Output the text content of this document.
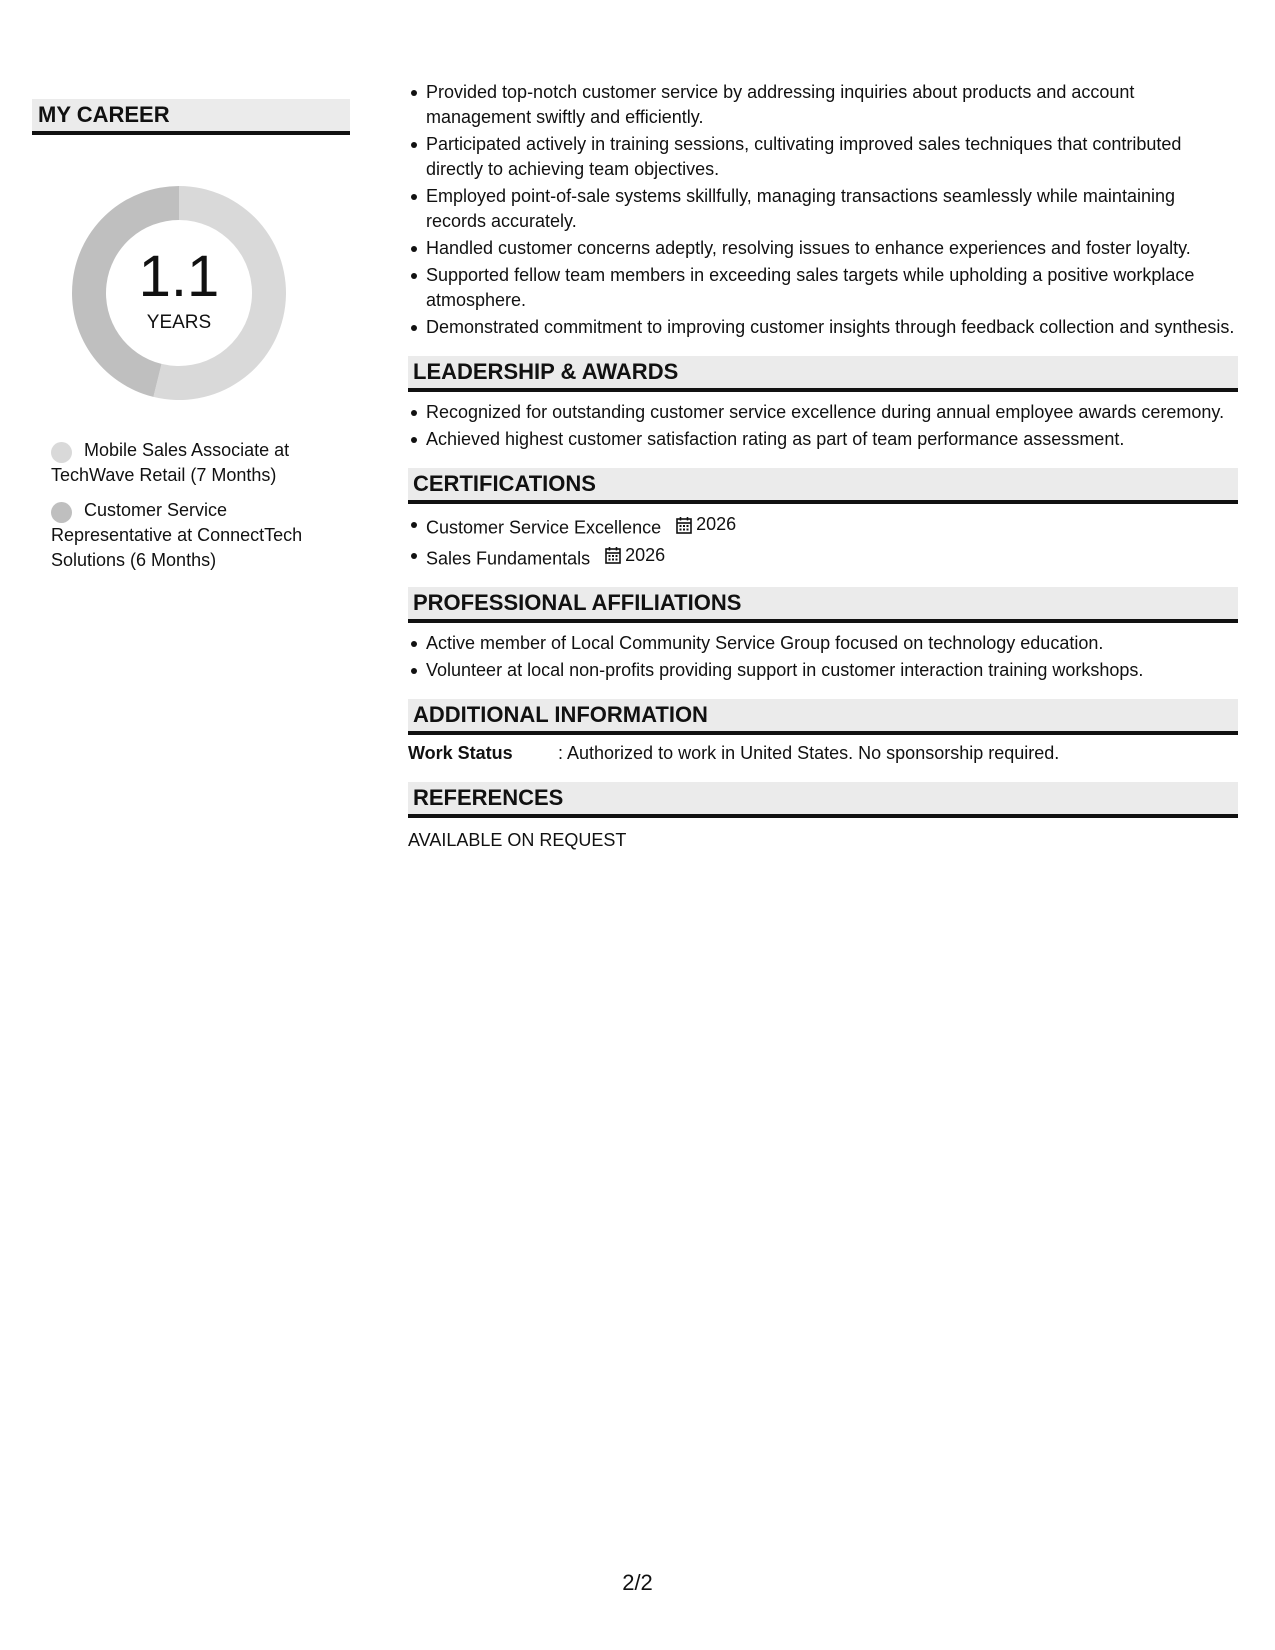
MY CAREER
1.1
YEARS
Mobile Sales Associate at TechWave Retail (7 Months)
Customer Service Representative at ConnectTech Solutions (6 Months)
Provided top-notch customer service by addressing inquiries about products and account management swiftly and efficiently.
Participated actively in training sessions, cultivating improved sales techniques that contributed directly to achieving team objectives.
Employed point-of-sale systems skillfully, managing transactions seamlessly while maintaining records accurately.
Handled customer concerns adeptly, resolving issues to enhance experiences and foster loyalty.
Supported fellow team members in exceeding sales targets while upholding a positive workplace atmosphere.
Demonstrated commitment to improving customer insights through feedback collection and synthesis.
LEADERSHIP & AWARDS
Recognized for outstanding customer service excellence during annual employee awards ceremony.
Achieved highest customer satisfaction rating as part of team performance assessment.
CERTIFICATIONS
Customer Service Excellence 2026
Sales Fundamentals 2026
PROFESSIONAL AFFILIATIONS
Active member of Local Community Service Group focused on technology education.
Volunteer at local non-profits providing support in customer interaction training workshops.
ADDITIONAL INFORMATION
Work Status	: Authorized to work in United States. No sponsorship required.
REFERENCES
AVAILABLE ON REQUEST
2/2
